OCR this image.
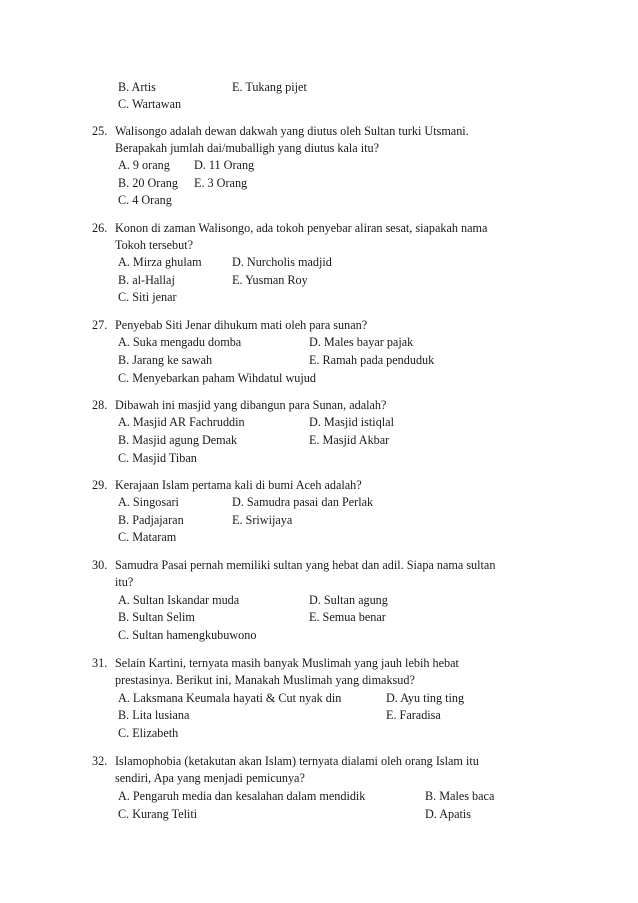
B. Artis	E. Tukang pijet
C. Wartawan
25. Walisongo adalah dewan dakwah yang diutus oleh Sultan turki Utsmani.
Berapakah jumlah dai/muballigh yang diutus kala itu?
A. 9 orang D. 11 Orang
B. 20 Orang E. 3 Orang
C. 4 Orang
26. Konon di zaman Walisongo, ada tokoh penyebar aliran sesat, siapakah nama
Tokoh tersebut?
A. Mirza ghulam D. Nurcholis madjid
B. al-Hallaj	E. Yusman Roy
C. Siti jenar
27. Penyebab Siti Jenar dihukum mati oleh para sunan?
A. Suka mengadu domba	D. Males bayar pajak
B. Jarang ke sawah	E. Ramah pada penduduk
C. Menyebarkan paham Wihdatul wujud
28. Dibawah ini masjid yang dibangun para Sunan, adalah?
A. Masjid AR Fachruddin	D. Masjid istiqlal
B. Masjid agung Demak	E. Masjid Akbar
C. Masjid Tiban
29. Kerajaan Islam pertama kali di bumi Aceh adalah?
A. Singosari	D. Samudra pasai dan Perlak
B. Padjajaran	E. Sriwijaya
C. Mataram
30. Samudra Pasai pernah memiliki sultan yang hebat dan adil. Siapa nama sultan
itu?
A. Sultan Iskandar muda	D. Sultan agung
B. Sultan Selim	E. Semua benar
C. Sultan hamengkubuwono
31. Selain Kartini, ternyata masih banyak Muslimah yang jauh lebih hebat
prestasinya. Berikut ini, Manakah Muslimah yang dimaksud?
A. Laksmana Keumala hayati & Cut nyak din	D. Ayu ting ting
B. Lita lusiana	E. Faradisa
C. Elizabeth
32. Islamophobia (ketakutan akan Islam) ternyata dialami oleh orang Islam itu
sendiri, Apa yang menjadi pemicunya?
A. Pengaruh media dan kesalahan dalam mendidik	B. Males baca
C. Kurang Teliti	D. Apatis
